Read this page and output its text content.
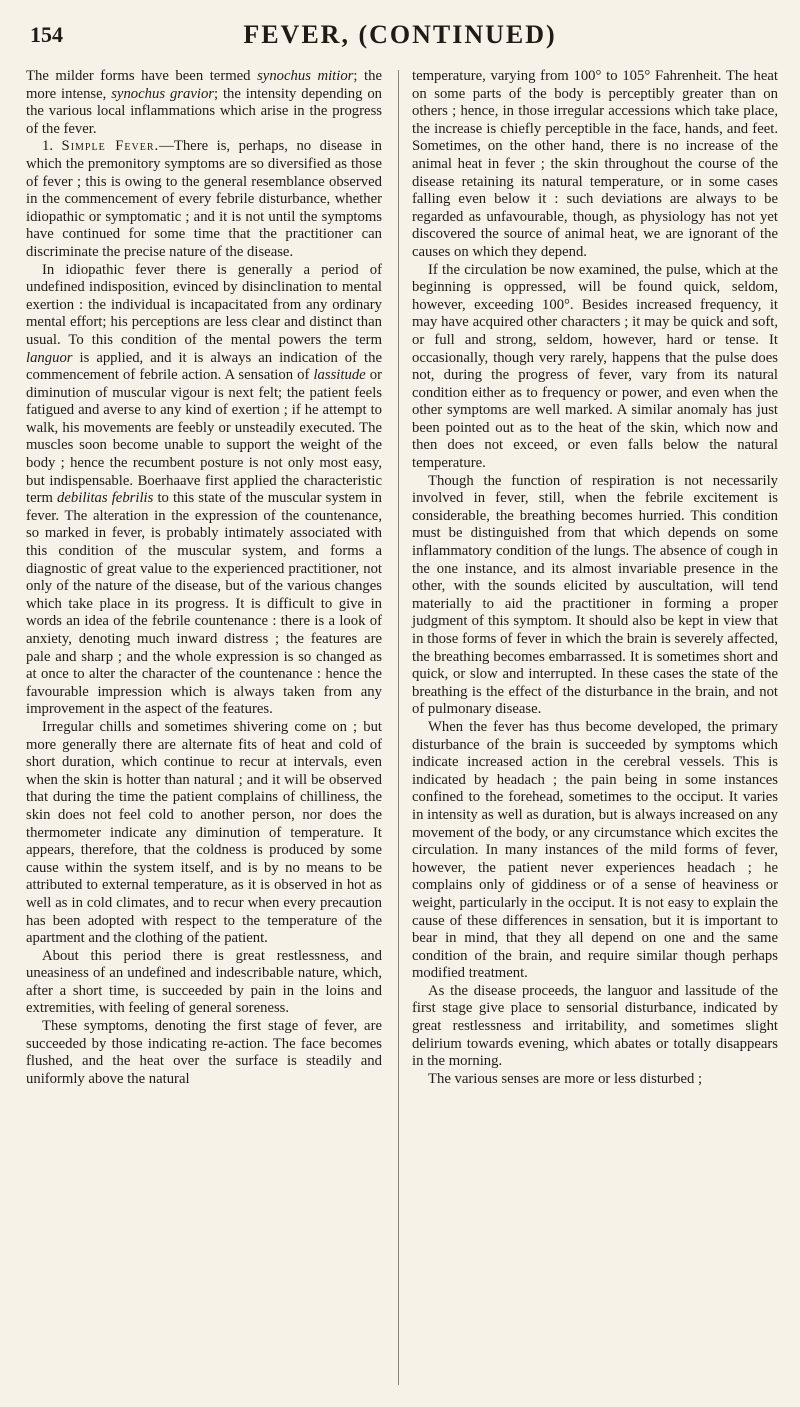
154	FEVER, (CONTINUED)

The milder forms have been termed synochus mitior; the more intense, synochus gravior; the intensity depending on the various local inflammations which arise in the progress of the fever.

1. Simple Fever.—There is, perhaps, no disease in which the premonitory symptoms are so diversified as those of fever ; this is owing to the general resemblance observed in the commencement of every febrile disturbance, whether idiopathic or symptomatic ; and it is not until the symptoms have continued for some time that the practitioner can discriminate the precise nature of the disease.

In idiopathic fever there is generally a period of undefined indisposition, evinced by disinclination to mental exertion : the individual is incapacitated from any ordinary mental effort; his perceptions are less clear and distinct than usual. To this condition of the mental powers the term languor is applied, and it is always an indication of the commencement of febrile action. A sensation of lassitude or diminution of muscular vigour is next felt; the patient feels fatigued and averse to any kind of exertion ; if he attempt to walk, his movements are feebly or unsteadily executed. The muscles soon become unable to support the weight of the body ; hence the recumbent posture is not only most easy, but indispensable. Boerhaave first applied the characteristic term debilitas febrilis to this state of the muscular system in fever. The alteration in the expression of the countenance, so marked in fever, is probably intimately associated with this condition of the muscular system, and forms a diagnostic of great value to the experienced practitioner, not only of the nature of the disease, but of the various changes which take place in its progress. It is difficult to give in words an idea of the febrile countenance : there is a look of anxiety, denoting much inward distress ; the features are pale and sharp ; and the whole expression is so changed as at once to alter the character of the countenance : hence the favourable impression which is always taken from any improvement in the aspect of the features.

Irregular chills and sometimes shivering come on ; but more generally there are alternate fits of heat and cold of short duration, which continue to recur at intervals, even when the skin is hotter than natural ; and it will be observed that during the time the patient complains of chilliness, the skin does not feel cold to another person, nor does the thermometer indicate any diminution of temperature. It appears, therefore, that the coldness is produced by some cause within the system itself, and is by no means to be attributed to external temperature, as it is observed in hot as well as in cold climates, and to recur when every precaution has been adopted with respect to the temperature of the apartment and the clothing of the patient.

About this period there is great restlessness, and uneasiness of an undefined and indescribable nature, which, after a short time, is succeeded by pain in the loins and extremities, with feeling of general soreness.

These symptoms, denoting the first stage of fever, are succeeded by those indicating re-action. The face becomes flushed, and the heat over the surface is steadily and uniformly above the natural

temperature, varying from 100° to 105° Fahrenheit. The heat on some parts of the body is perceptibly greater than on others ; hence, in those irregular accessions which take place, the increase is chiefly perceptible in the face, hands, and feet. Sometimes, on the other hand, there is no increase of the animal heat in fever ; the skin throughout the course of the disease retaining its natural temperature, or in some cases falling even below it : such deviations are always to be regarded as unfavourable, though, as physiology has not yet discovered the source of animal heat, we are ignorant of the causes on which they depend.

If the circulation be now examined, the pulse, which at the beginning is oppressed, will be found quick, seldom, however, exceeding 100°. Besides increased frequency, it may have acquired other characters ; it may be quick and soft, or full and strong, seldom, however, hard or tense. It occasionally, though very rarely, happens that the pulse does not, during the progress of fever, vary from its natural condition either as to frequency or power, and even when the other symptoms are well marked. A similar anomaly has just been pointed out as to the heat of the skin, which now and then does not exceed, or even falls below the natural temperature.

Though the function of respiration is not necessarily involved in fever, still, when the febrile excitement is considerable, the breathing becomes hurried. This condition must be distinguished from that which depends on some inflammatory condition of the lungs. The absence of cough in the one instance, and its almost invariable presence in the other, with the sounds elicited by auscultation, will tend materially to aid the practitioner in forming a proper judgment of this symptom. It should also be kept in view that in those forms of fever in which the brain is severely affected, the breathing becomes embarrassed. It is sometimes short and quick, or slow and interrupted. In these cases the state of the breathing is the effect of the disturbance in the brain, and not of pulmonary disease.

When the fever has thus become developed, the primary disturbance of the brain is succeeded by symptoms which indicate increased action in the cerebral vessels. This is indicated by headach ; the pain being in some instances confined to the forehead, sometimes to the occiput. It varies in intensity as well as duration, but is always increased on any movement of the body, or any circumstance which excites the circulation. In many instances of the mild forms of fever, however, the patient never experiences headach ; he complains only of giddiness or of a sense of heaviness or weight, particularly in the occiput. It is not easy to explain the cause of these differences in sensation, but it is important to bear in mind, that they all depend on one and the same condition of the brain, and require similar though perhaps modified treatment.

As the disease proceeds, the languor and lassitude of the first stage give place to sensorial disturbance, indicated by great restlessness and irritability, and sometimes slight delirium towards evening, which abates or totally disappears in the morning.

The various senses are more or less disturbed ;
